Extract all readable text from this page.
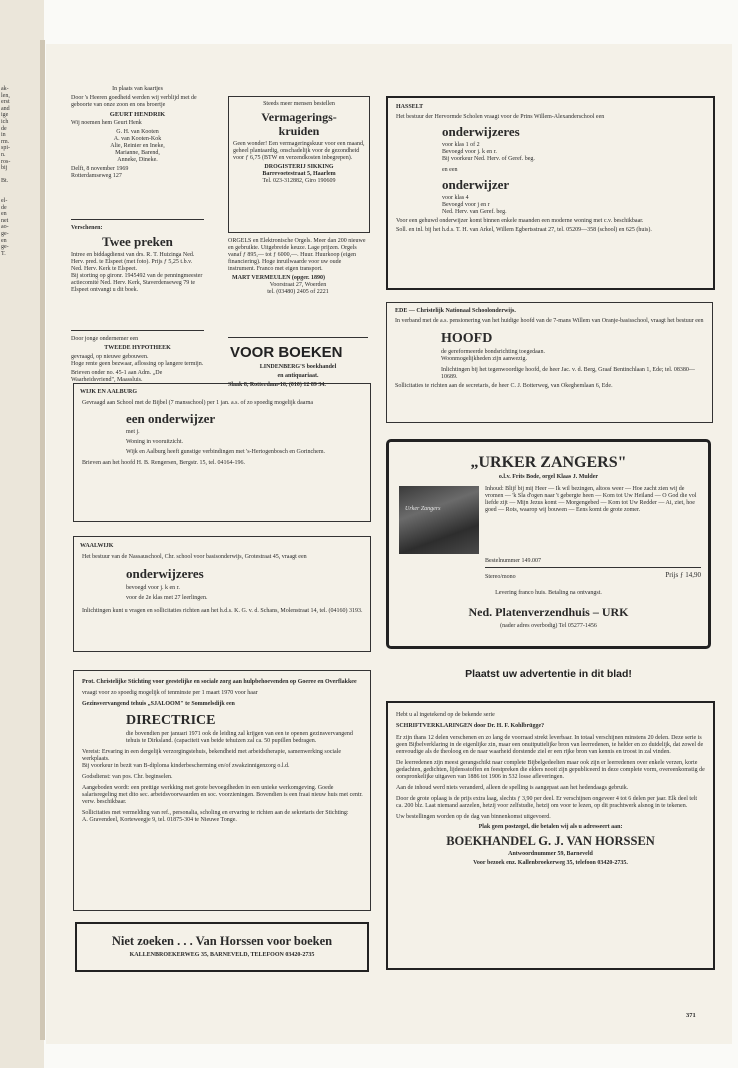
ak-
len,
erst
and
ige
ich
de
in
rm.
spi-
n.
ros-
bij

Bt.

el-
de
en
net
ao-
ge-
en
ge-
T.
In plaats van kaartjes
Door 's Heeren goedheid werden wij verblijd met de geboorte van onze zoon en ons broertje
GEURT HENDRIK
Wij noemen hem Geurt Henk
G. H. van Kooten
A. van Kooten-Kok
Alie, Reinier en Ineke,
Marianne, Barend,
Anneke, Dineke.
Delft, 8 november 1969
Rotterdamseweg 127
Verschenen:
Twee preken
Intree en biddagdienst van drs. R. T. Huizinga Ned. Herv. pred. te Elspeet (met foto). Prijs ƒ 5,25 t.b.v. Ned. Herv. Kerk te Elspeet.
Bij storting op gironr. 1945492 van de penningmeester actiecomité Ned. Herv. Kerk, Staverdenseweg 79 te Elspeet ontvangt u dit boek.
Door jonge ondernemer een
TWEEDE HYPOTHEEK
gevraagd, op nieuwe gebouwen.
Hoge rente geen bezwaar, aflossing op langere termijn.
Brieven onder no. 45-1 aan Adm. „De Waarheidsvriend", Maassluis.
Steeds meer mensen bestellen
Vermagerings-
kruiden
Geen wonder! Een vermageringskuur voor een maand, geheel plantaardig, onschadelijk voor de gezondheid voor ƒ 6,75 (BTW en verzendkosten inbegrepen).
DROGISTERIJ SIKKING
Barrevoetestraat 5, Haarlem
Tel. 023-312882, Giro 190609
ORGELS en Elektronische Orgels. Meer dan 200 nieuwe en gebruikte. Uitgebreide keuze. Lage prijzen. Orgels vanaf ƒ 895,— tot ƒ 6000,—. Huur. Huurkoop (eigen financiering). Hoge inruilwaarde voor uw oude instrument. Franco met eigen transport.
MART VERMEULEN (opger. 1890)
Voorstraat 27, Woerden
tel. (03480) 2405 of 2221
VOOR BOEKEN
LINDENBERG'S boekhandel
en antiquariaat.
Slaak 8, Rotterdam-16, (010) 12 89 34.
WIJK EN AALBURG
Gevraagd aan School met de Bijbel (7 mansschool) per 1 jan. a.s. of zo spoedig mogelijk daarna
een onderwijzer
met j.
Woning in vooruitzicht.
Wijk en Aalburg heeft gunstige verbindingen met 's-Hertogenbosch en Gorinchem.
Brieven aan het hoofd H. B. Rengersen, Bergstr. 15, tel. 04164-196.
WAALWIJK
Het bestuur van de Nassauschool, Chr. school voor basisonderwijs, Grotestraat 45, vraagt een
onderwijzeres
bevoegd voor j. k en r.
voor de 2e klas met 27 leerlingen.
Inlichtingen kunt u vragen en sollicitaties richten aan het h.d.s. K. G. v. d. Schans, Molenstraat 14, tel. (04160) 3193.
Prot. Christelijke Stichting voor geestelijke en sociale zorg aan hulpbehoevenden op Goeree en Overflakkee
vraagt voor zo spoedig mogelijk of tenminste per 1 maart 1970 voor haar
Gezinsvervangend tehuis „SJALOOM" te Sommelsdijk een
DIRECTRICE
die bovendien per januari 1971 ook de leiding zal krijgen van een te openen gezinsvervangend tehuis te Dirksland. (capaciteit van beide tehuizen zal ca. 50 pupillen bedragen.
Vereist: Ervaring in een dergelijk verzorgingstehuis, bekendheid met arbeidstherapie, samenwerking sociale werkplaats.
Bij voorkeur in bezit van B-diploma kinderbescherming en/of zwakzinnigenzorg o.l.d.
Godsdienst: van pos. Chr. beginselen.
Aangeboden wordt: een prettige werkking met grote bevoegdheden in een unieke werkomgeving. Goede salarisregeling met dito sec. arbeidsvoorwaarden en soc. voorzieningen. Bovendien is een fraai nieuw huis met centr. verw. beschikbaar.
Sollicitaties met vermelding van ref., personalia, scholing en ervaring te richten aan de sekretaris der Stichting:
A. Gravendeel, Korteweegje 9, tel. 01875-304 te Nieuwe Tonge.
Niet zoeken . . . Van Horssen voor boeken
KALLENBROEKERWEG 35, BARNEVELD, TELEFOON 03420-2735
HASSELT
Het bestuur der Hervormde Scholen vraagt voor de Prins Willem-Alexanderschool een
onderwijzeres
voor klas 1 of 2
Bevoegd voor j. k en r.
Bij voorkeur Ned. Herv. of Geref. beg.
en een
onderwijzer
voor klas 4
Bevoegd voor j en r
Ned. Herv. van Geref. beg.
Voor een gehuwd onderwijzer komt binnen enkele maanden een moderne woning met c.v. beschikbaar.
Soll. en inl. bij het h.d.s. T. H. van Arkel, Willem Egbertsstraat 27, tel. 05209—358 (school) en 625 (huis).
EDE — Christelijk Nationaal Schoolonderwijs.
In verband met de a.s. pensionering van het huidige hoofd van de 7-mans Willem van Oranje-basisschool, vraagt het bestuur een
HOOFD
de gereformeerde bondsrichting toegedaan.
Woonmogelijkheden zijn aanwezig.
Inlichtingen bij het tegenwoordige hoofd, de heer Jac. v. d. Berg, Graaf Bentinchlaan 1, Ede; tel. 08380—10689.
Sollicitaties te richten aan de secretaris, de heer C. J. Botterweg, van Okeghemlaan 6, Ede.
„URKER ZANGERS"
o.l.v. Frits Bode, orgel Klaas J. Mulder
Urker Zangers
Inhoud: Blijf bij mij Heer — Ik wil bezingen, altoos weer — Hoe zacht zien wij de vromen — 'k Sla d'ogen naar 't gebergte heen — Kom tot Uw Heiland — O God die vol liefde zijt — Mijn Jezus komt — Morgengebed — Kom tot Uw Redder — Ai, ziet, hoe goed — Rots, waarop wij bouwen — Eens komt de grote zomer.
Bestelnummer 149.007
Stereo/mono	Prijs ƒ 14,90
Levering franco huis. Betaling na ontvangst.
Ned. Platenverzendhuis – URK
(nader adres overbodig) Tel 05277-1456
Plaatst uw advertentie in dit blad!
Hebt u al ingetekend op de bekende serie
SCHRIFTVERKLARINGEN door Dr. H. F. Kohlbrügge?
Er zijn thans 12 delen verschenen en zo lang de voorraad strekt leverbaar. In totaal verschijnen minstens 20 delen. Deze serie is geen Bijbelverklaring in de eigenlijke zin, maar een onuitputtelijke bron van leerredenen, te helder en zo duidelijk, dat zowel de eenvoudige als de theoloog en de naar waarheid dorstende ziel er een rijke bron van kennis en troost in zal vinden.
De leerredenen zijn meest gerangschikt naar complete Bijbelgedeelten maar ook zijn er leerredenen over enkele verzen, korte gedachten, gedichten, lijdensstoffen en feestpreken die elders nooit zijn gepubliceerd in deze complete vorm, overeenkomstig de oorspronkelijke uitgaven van 1886 tot 1906 in 532 losse afleveringen.
Aan de inhoud werd niets veranderd, alleen de spelling is aangepast aan het hedendaags gebruik.
Door de grote oplaag is de prijs extra laag, slechts ƒ 3,90 per deel. Er verschijnen ongeveer 4 tot 6 delen per jaar. Elk deel telt ca. 200 blz. Laat niemand aarzelen, hetzij voor zelfstudie, hetzij om voor te lezen, op dit prachtwerk alsnog in te tekenen.
Uw bestellingen worden op de dag van binnenkomst uitgevoerd.
Plak geen postzegel, die betalen wij als u adresseert aan:
BOEKHANDEL G. J. VAN HORSSEN
Antwoordnummer 59, Barneveld
Voor bezoek enz. Kallenbroekerweg 35, telefoon 03420-2735.
371
